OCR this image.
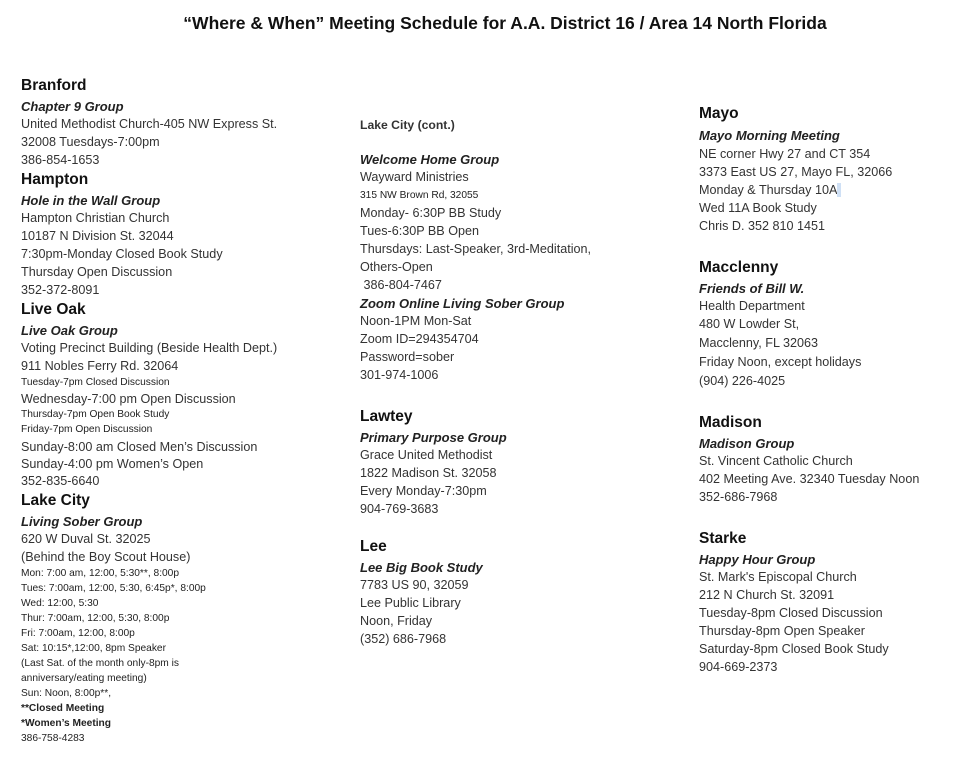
“Where & When” Meeting Schedule for A.A. District 16 / Area 14 North Florida
Branford
Chapter 9 Group
United Methodist Church-405 NW Express St.
32008 Tuesdays-7:00pm
386-854-1653
Hampton
Hole in the Wall Group
Hampton Christian Church
10187 N Division St. 32044
7:30pm-Monday Closed Book Study
Thursday Open Discussion
352-372-8091
Live Oak
Live Oak Group
Voting Precinct Building (Beside Health Dept.)
911 Nobles Ferry Rd. 32064
Tuesday-7pm Closed Discussion
Wednesday-7:00 pm Open Discussion
Thursday-7pm Open Book Study
Friday-7pm Open Discussion
Sunday-8:00 am Closed Men’s Discussion
Sunday-4:00 pm Women’s Open
352-835-6640
Lake City
Living Sober Group
620 W Duval St. 32025
(Behind the Boy Scout House)
Mon: 7:00 am, 12:00, 5:30**, 8:00p
Tues: 7:00am, 12:00, 5:30, 6:45p*, 8:00p
Wed: 12:00, 5:30
Thur: 7:00am, 12:00, 5:30, 8:00p
Fri: 7:00am, 12:00, 8:00p
Sat: 10:15*,12:00, 8pm Speaker
(Last Sat. of the month only-8pm is
anniversary/eating meeting)
Sun: Noon, 8:00p**,
**Closed Meeting
*Women’s Meeting
386-758-4283
Lake City (cont.)
Welcome Home Group
Wayward Ministries
315 NW Brown Rd, 32055
Monday- 6:30P BB Study
Tues-6:30P BB Open
Thursdays: Last-Speaker, 3rd-Meditation,
Others-Open
386-804-7467
Zoom Online Living Sober Group
Noon-1PM Mon-Sat
Zoom ID=294354704
Password=sober
301-974-1006
Lawtey
Primary Purpose Group
Grace United Methodist
1822 Madison St. 32058
Every Monday-7:30pm
904-769-3683
Lee
Lee Big Book Study
7783 US 90, 32059
Lee Public Library
Noon, Friday
(352) 686-7968
Mayo
Mayo Morning Meeting
NE corner Hwy 27 and CT 354
3373 East US 27, Mayo FL, 32066
Monday & Thursday 10A
Wed 11A Book Study
Chris D. 352 810 1451
Macclenny
Friends of Bill W.
Health Department
480 W Lowder St,
Macclenny, FL 32063
Friday Noon, except holidays
(904) 226-4025
Madison
Madison Group
St. Vincent Catholic Church
402 Meeting Ave. 32340 Tuesday Noon
352-686-7968
Starke
Happy Hour Group
St. Mark's Episcopal Church
212 N Church St. 32091
Tuesday-8pm Closed Discussion
Thursday-8pm Open Speaker
Saturday-8pm Closed Book Study
904-669-2373
